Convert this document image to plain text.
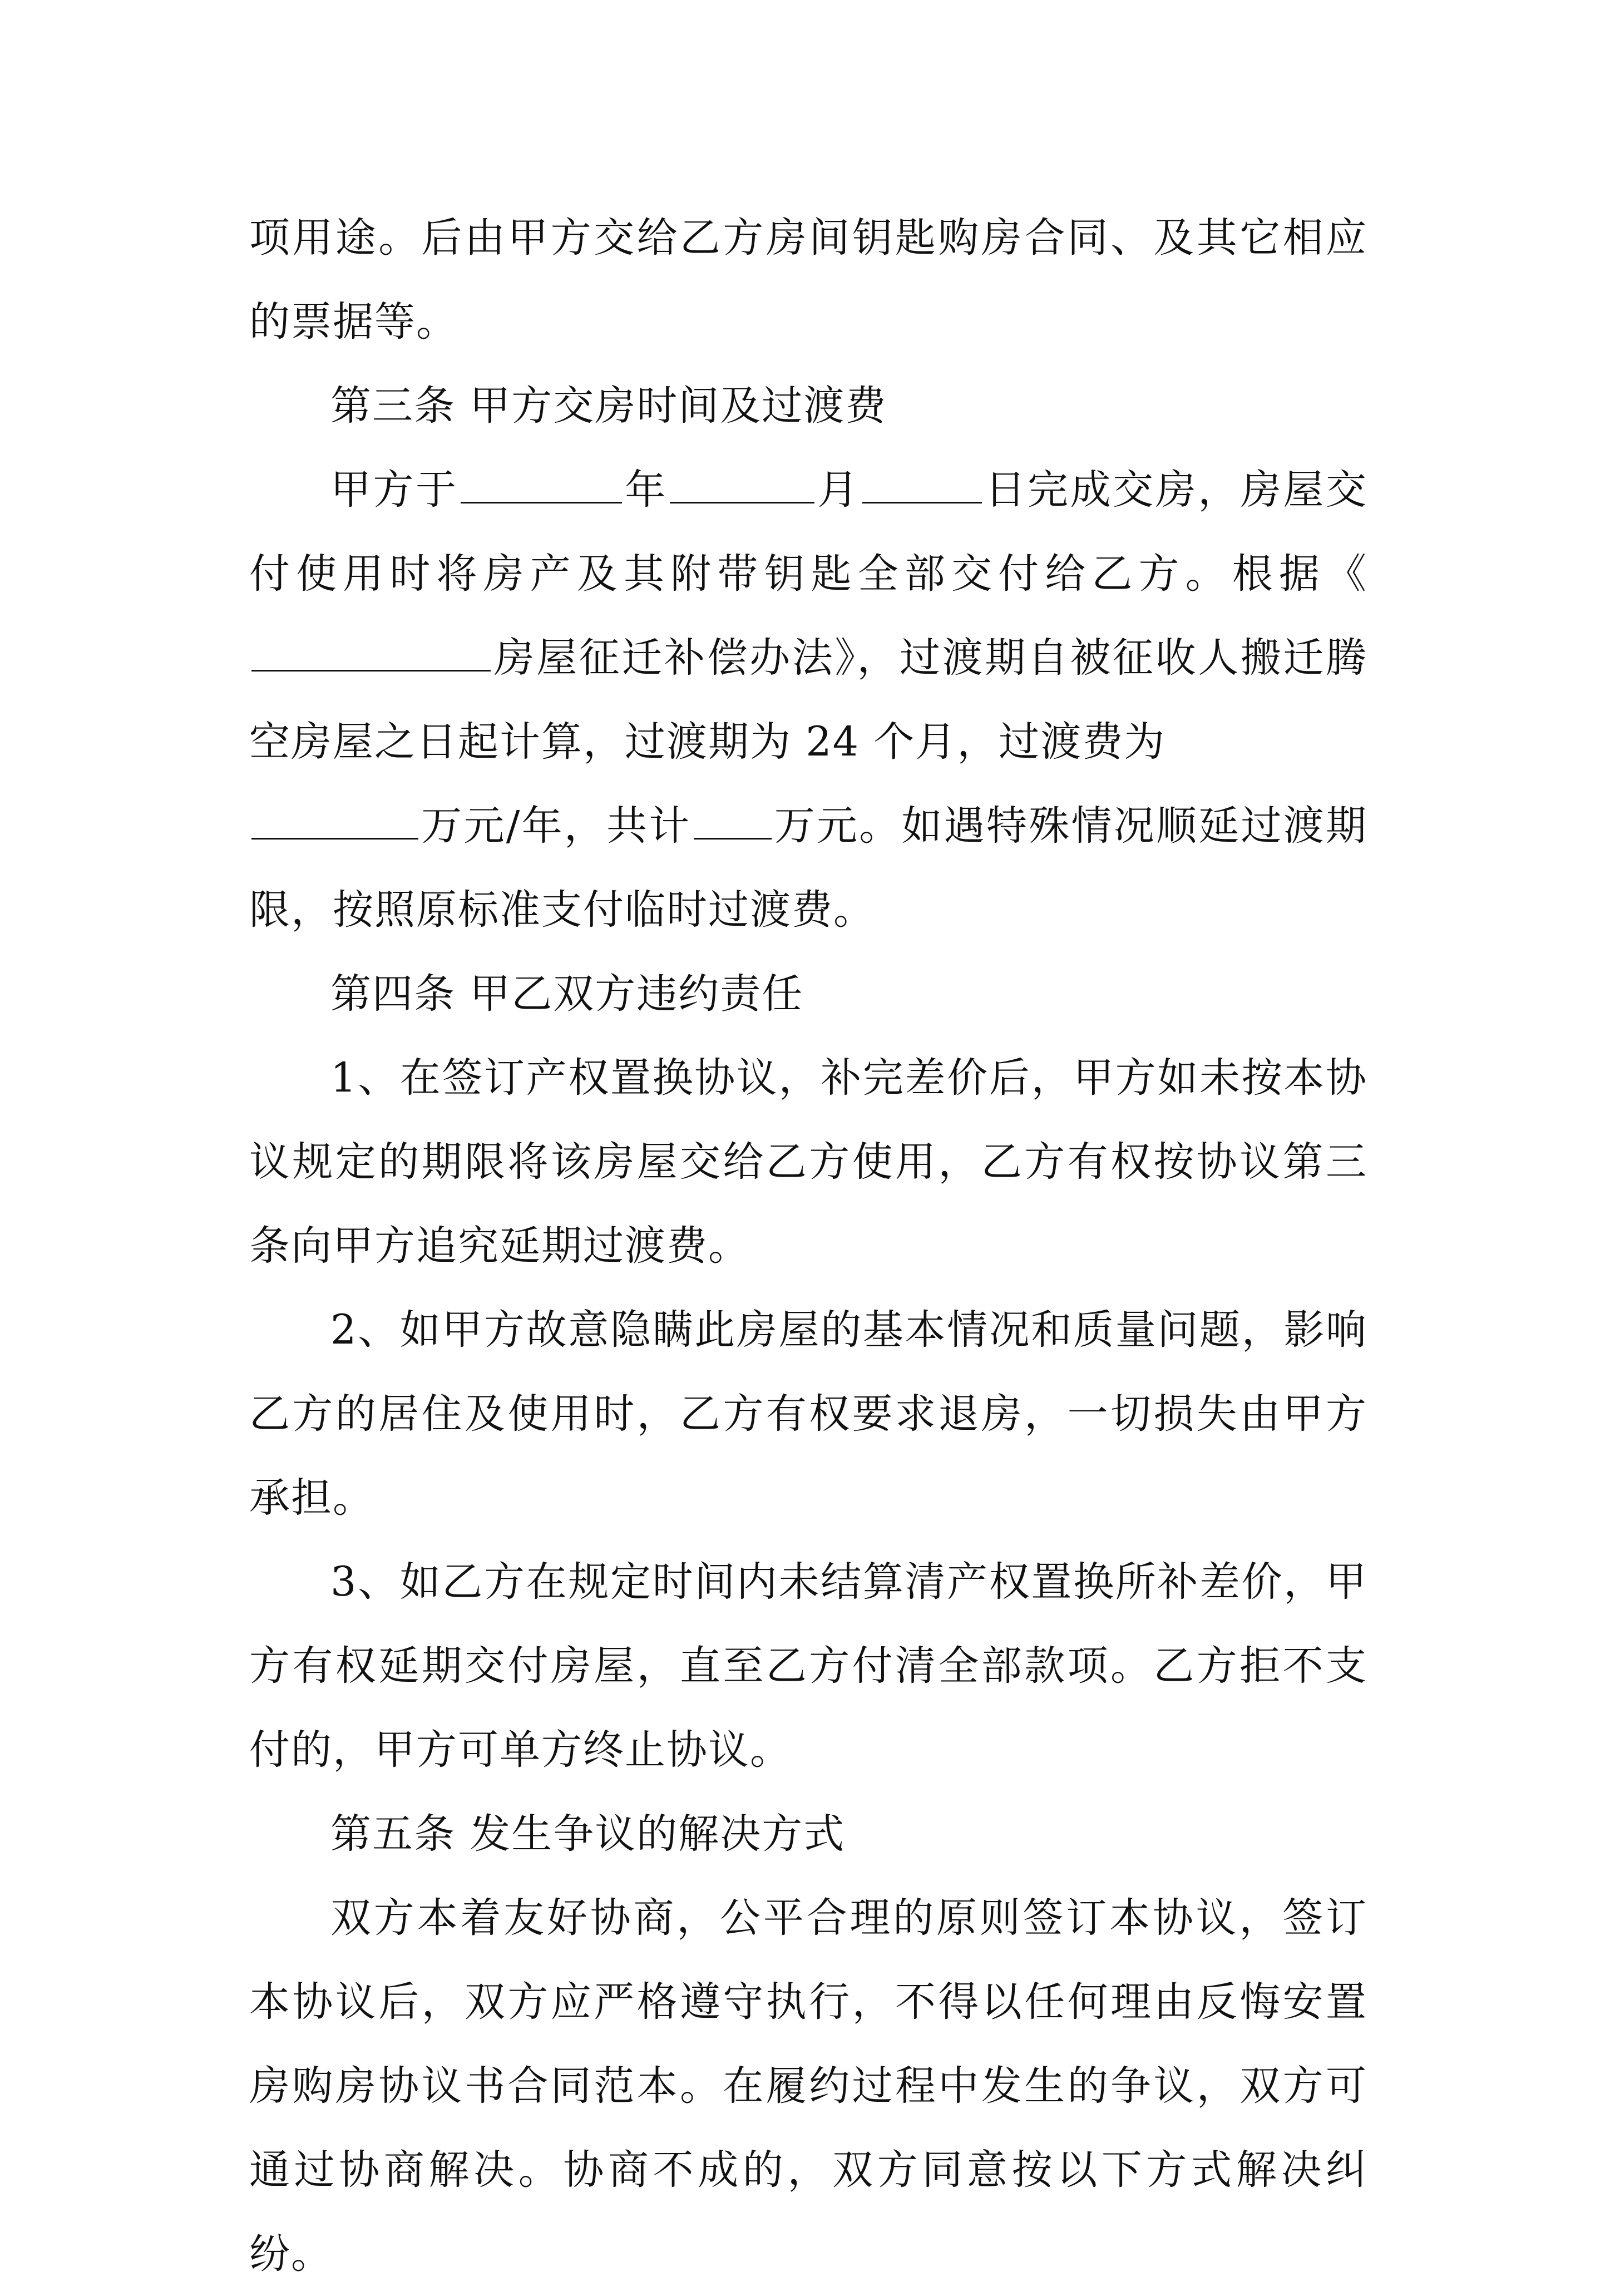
项用途。后由甲方交给乙方房间钥匙购房合同、及其它相应的票据等。

第三条 甲方交房时间及过渡费

甲方于	年	月	日完成交房，房屋交付使用时将房产及其附带钥匙全部交付给乙方。根据《房屋征迁补偿办法》，过渡期自被征收人搬迁腾空房屋之日起计算，过渡期为 24 个月，过渡费为
万元/年，共计 万元。如遇特殊情况顺延过渡期限，按照原标准支付临时过渡费。

第四条 甲乙双方违约责任

1、在签订产权置换协议，补完差价后，甲方如未按本协议规定的期限将该房屋交给乙方使用，乙方有权按协议第三条向甲方追究延期过渡费。

2、如甲方故意隐瞒此房屋的基本情况和质量问题，影响乙方的居住及使用时，乙方有权要求退房，一切损失由甲方承担。

3、如乙方在规定时间内未结算清产权置换所补差价，甲方有权延期交付房屋，直至乙方付清全部款项。乙方拒不支付的，甲方可单方终止协议。

第五条 发生争议的解决方式

双方本着友好协商，公平合理的原则签订本协议，签订本协议后，双方应严格遵守执行，不得以任何理由反悔安置房购房协议书合同范本。在履约过程中发生的争议，双方可通过协商解决。协商不成的，双方同意按以下方式解决纠纷。
